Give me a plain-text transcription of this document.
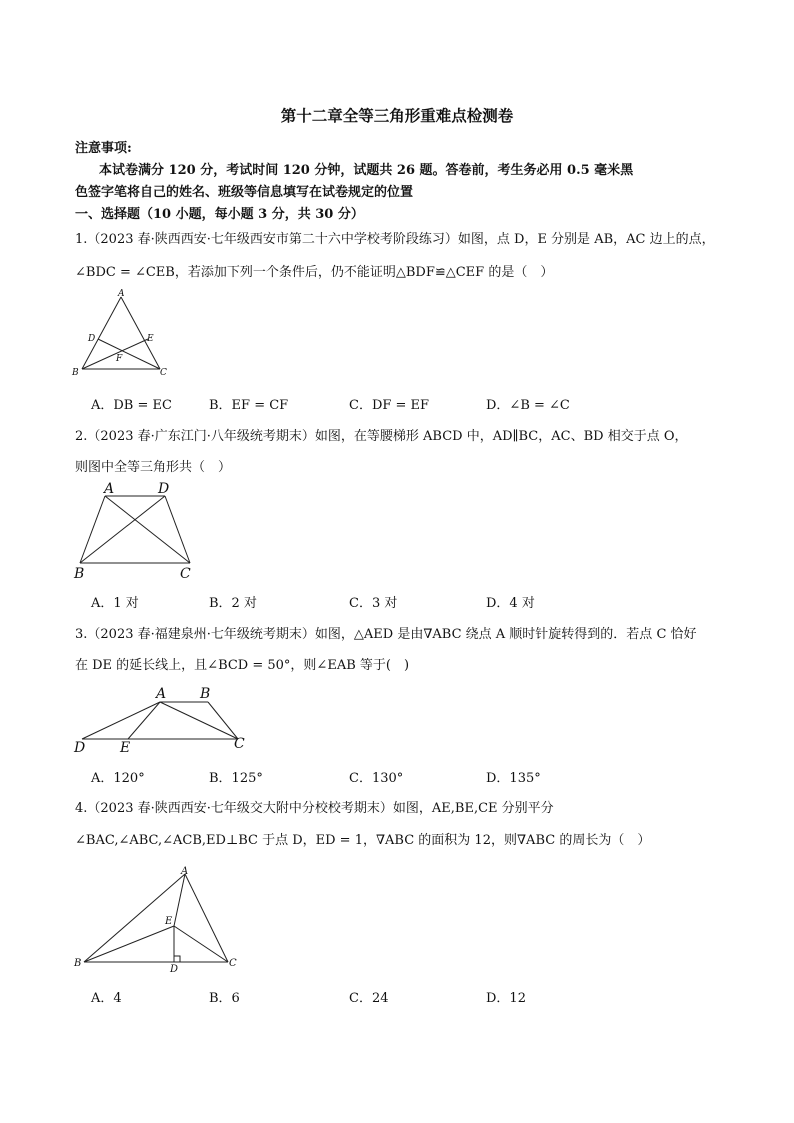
第十二章全等三角形重难点检测卷
注意事项:
本试卷满分 120 分，考试时间 120 分钟，试题共 26 题。答卷前，考生务必用 0.5 毫米黑
色签字笔将自己的姓名、班级等信息填写在试卷规定的位置
一、选择题（10 小题，每小题 3 分，共 30 分）
1.（2023 春·陕西西安·七年级西安市第二十六中学校考阶段练习）如图，点 D，E 分别是 AB，AC 边上的点，
∠BDC = ∠CEB，若添加下列一个条件后，仍不能证明△BDF≌△CEF 的是（　）
A
D	E
F
B	C
A．DB = EC	B．EF = CF	C．DF = EF	D．∠B = ∠C
2.（2023 春·广东江门·八年级统考期末）如图，在等腰梯形 ABCD 中，AD∥BC，AC、BD 相交于点 O，
则图中全等三角形共（　）
A	D
B	C
A．1 对	B．2 对	C．3 对	D．4 对
3.（2023 春·福建泉州·七年级统考期末）如图，△AED 是由∇ABC 绕点 A 顺时针旋转得到的．若点 C 恰好
在 DE 的延长线上，且∠BCD = 50°，则∠EAB 等于(　)
A B
D E	C
A．120°	B．125°	C．130°	D．135°
4.（2023 春·陕西西安·七年级交大附中分校校考期末）如图，AE,BE,CE 分别平分
∠BAC,∠ABC,∠ACB,ED⊥BC 于点 D，ED = 1，∇ABC 的面积为 12，则∇ABC 的周长为（　）
A
E
B
D
C
A．4	B．6	C．24	D．12
